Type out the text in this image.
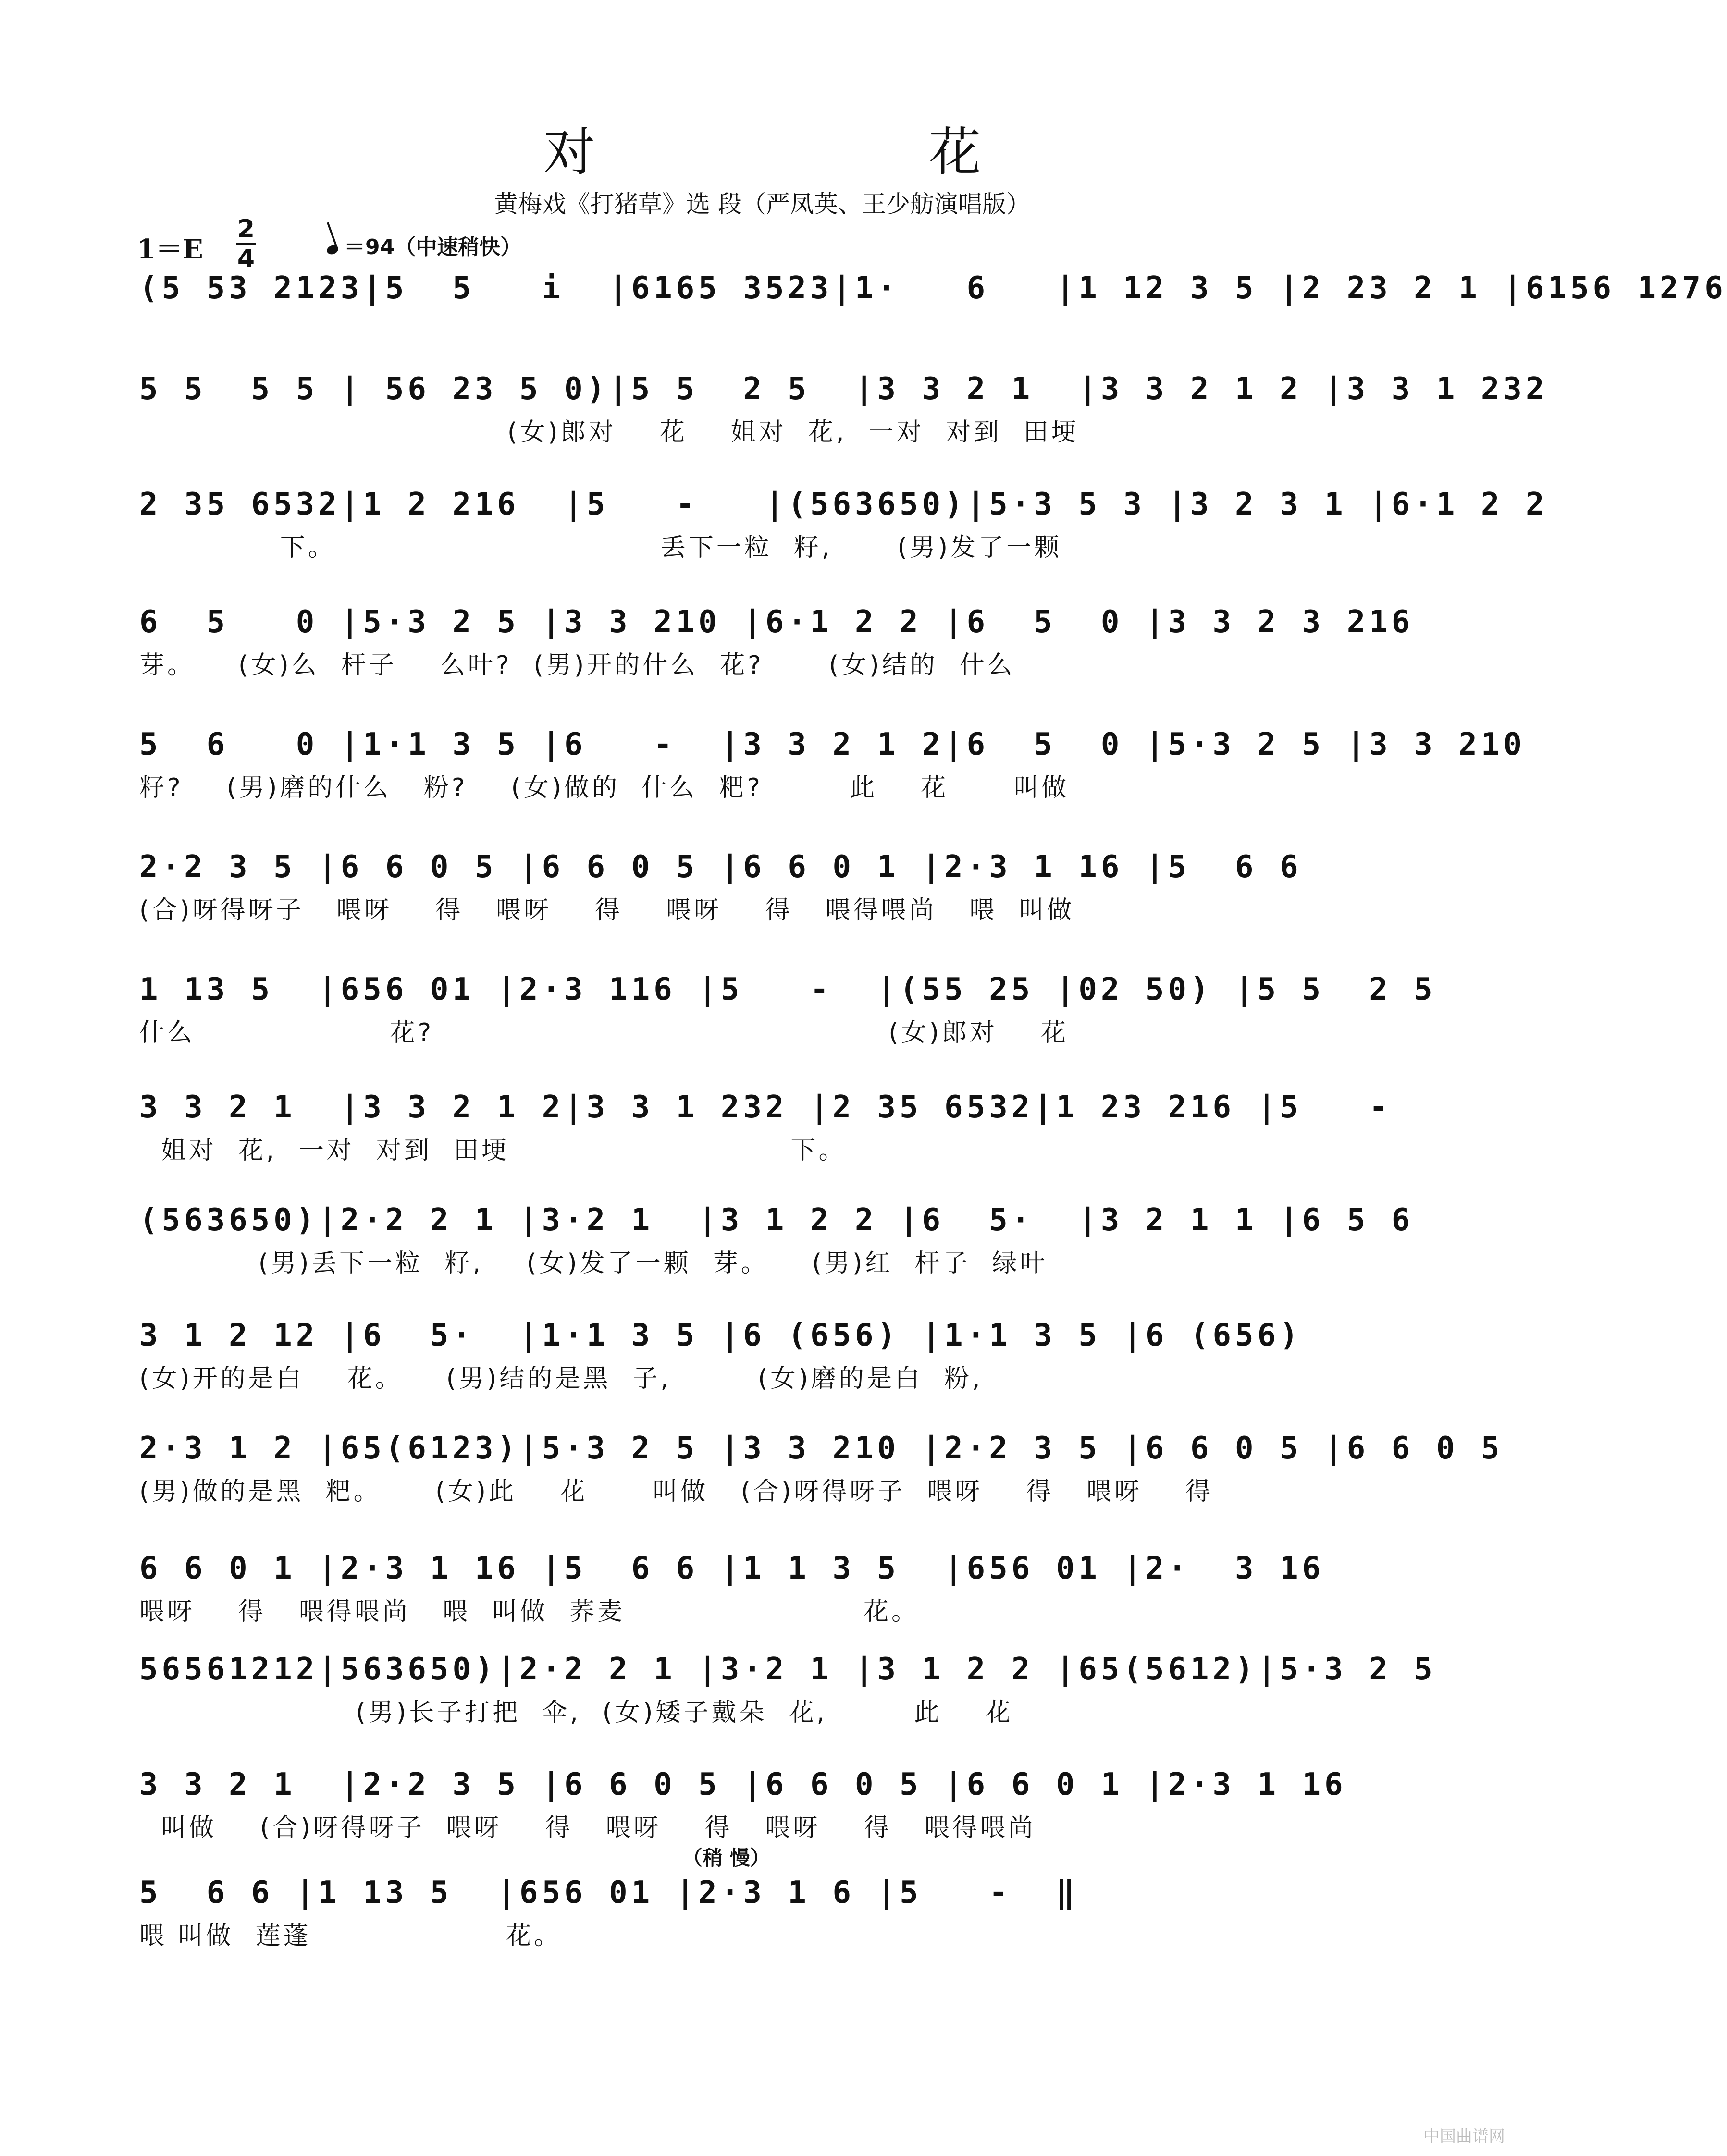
对 花
黄梅戏《打猪草》选 段（严凤英、王少舫演唱版）
1＝E
2
4	＝94（中速稍快）
（稍 慢）
(5 53 2123|5  5   i  |6165 3523|1·   6   |1 12 3 5 |2 23 2 1 |6156 1276
5 5  5 5 | 56 23 5 0)|5 5  2 5  |3 3 2 1  |3 3 2 1 2 |3 3 1 232
(女)郎对    花    姐对  花,  一对  对到  田埂
2 35 6532|1 2 216  |5   -   |(563650)|5·3 5 3 |3 2 3 1 |6·1 2 2
下。                              丢下一粒  籽,      (男)发了一颗
6  5   0 |5·3 2 5 |3 3 210 |6·1 2 2 |6  5  0 |3 3 2 3 216
芽。    (女)么  杆子    么叶?  (男)开的什么  花?      (女)结的  什么
5  6   0 |1·1 3 5 |6   -  |3 3 2 1 2|6  5  0 |5·3 2 5 |3 3 210
籽?    (男)磨的什么   粉?    (女)做的  什么  粑?        此    花      叫做
2·2 3 5 |6 6 0 5 |6 6 0 5 |6 6 0 1 |2·3 1 16 |5  6 6
(合)呀得呀子   喂呀    得   喂呀    得    喂呀    得   喂得喂尚   喂  叫做
1 13 5  |656 01 |2·3 116 |5   -  |(55 25 |02 50) |5 5  2 5
什么                  花?                                          (女)郎对    花
3 3 2 1  |3 3 2 1 2|3 3 1 232 |2 35 6532|1 23 216 |5   -
姐对  花,  一对  对到  田埂                          下。
(563650)|2·2 2 1 |3·2 1  |3 1 2 2 |6  5·  |3 2 1 1 |6 5 6
(男)丢下一粒  籽,    (女)发了一颗  芽。    (男)红  杆子  绿叶
3 1 2 12 |6  5·  |1·1 3 5 |6 (656) |1·1 3 5 |6 (656)
(女)开的是白    花。    (男)结的是黑  子,        (女)磨的是白  粉,
2·3 1 2 |65(6123)|5·3 2 5 |3 3 210 |2·2 3 5 |6 6 0 5 |6 6 0 5
(男)做的是黑  粑。     (女)此    花      叫做   (合)呀得呀子  喂呀    得   喂呀    得
6 6 0 1 |2·3 1 16 |5  6 6 |1 1 3 5  |656 01 |2·  3 16
喂呀    得   喂得喂尚   喂  叫做  荞麦                      花。
56561212|563650)|2·2 2 1 |3·2 1 |3 1 2 2 |65(5612)|5·3 2 5
(男)长子打把  伞,  (女)矮子戴朵  花,        此    花
3 3 2 1  |2·2 3 5 |6 6 0 5 |6 6 0 5 |6 6 0 1 |2·3 1 16
叫做    (合)呀得呀子  喂呀    得   喂呀    得   喂呀    得   喂得喂尚
5  6 6 |1 13 5  |656 01 |2·3 1 6 |5   -  ‖
喂 叫做  莲蓬                  花。
中国曲谱网
